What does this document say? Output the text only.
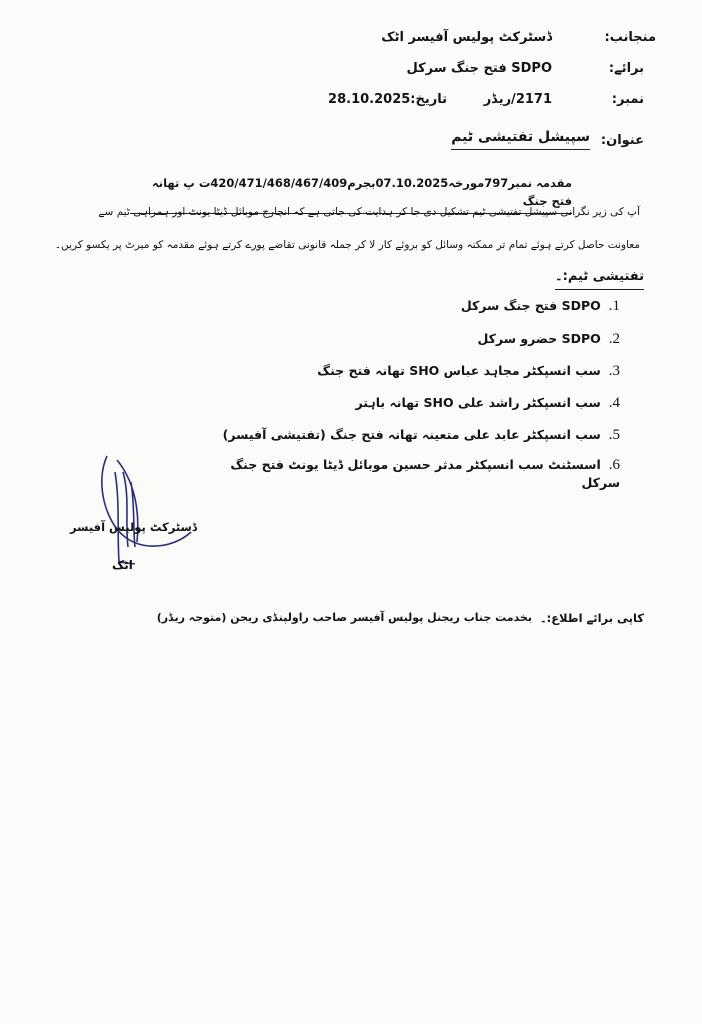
منجانب:
ڈسٹرکٹ پولیس آفیسر اٹک
برائے:
SDPO فتح جنگ سرکل
نمبر:
2171/ریڈر
تاریخ:28.10.2025
عنوان:
سپیشل تفتیشی ٹیم
مقدمہ نمبر797مورخہ07.10.2025بجرم420/471/468/467/409ت پ تھانہ فتح جنگ
آپ کی زیر نگرانی سپیشل تفتیشی ٹیم تشکیل دی جا کر ہدایت کی جاتی ہے کہ انچارج موبائل ڈیٹا یونٹ اور ہمراہی ٹیم سے
معاونت حاصل کرتے ہوئے تمام تر ممکنہ وسائل کو بروئے کار لا کر جملہ قانونی تقاضے پورے کرتے ہوئے مقدمہ کو میرٹ پر یکسو کریں۔
تفتیشی ٹیم:۔
1.SDPO فتح جنگ سرکل
2.SDPO حضرو سرکل
3.سب انسپکٹر مجاہد عباس SHO تھانہ فتح جنگ
4.سب انسپکٹر راشد علی SHO تھانہ باہتر
5.سب انسپکٹر عابد علی متعینہ تھانہ فتح جنگ (تفتیشی آفیسر)
6.اسسٹنٹ سب انسپکٹر مدثر حسین موبائل ڈیٹا یونٹ فتح جنگ سرکل
ڈسٹرکٹ پولیس آفیسر
اٹک
کاپی برائے اطلاع:۔
بخدمت جناب ریجنل پولیس آفیسر صاحب راولپنڈی ریجن (متوجہ ریڈر)
